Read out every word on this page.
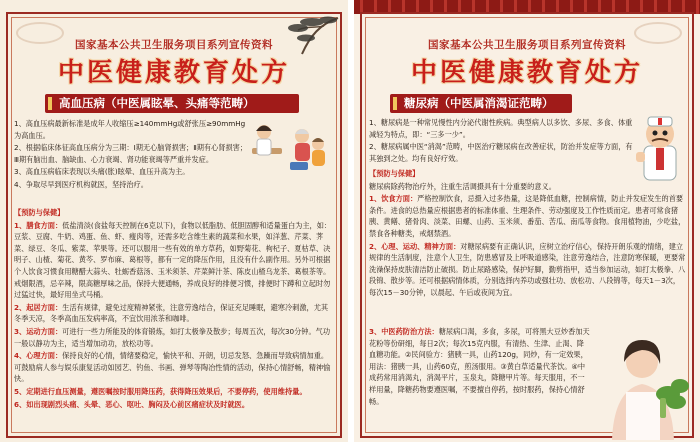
国家基本公共卫生服务项目系列宣传资料
中医健康教育处方
高血压病（中医属眩晕、头痛等范畴）

1、高血压病最新标准是成年人收缩压≥140mmHg或舒张压≥90mmHg为高血压。

2、根据临床体征高血压病分为三期：Ⅰ期无心脑肾损害；Ⅱ期有心肾损害；Ⅲ期有脑出血、脑缺血、心力衰竭、肾功能衰竭等严重并发症。

3、高血压病临床表现以头痛(胀)眩晕、血压升高为主。

4、争取尽早到医疗机构就医，坚持治疗。

【预防与保健】

1、膳食方面：低盐清淡(食盐每天控制在6克以下)，食物以低脂肪、低胆固醇和适量蛋白为主，如：豆浆、豆腐、牛奶、鸡蛋、鱼、虾、瘦肉等，还需多吃含维生素的蔬菜和水果，如洋葱、芹菜、荠菜、绿豆、冬瓜、紫菜、苹果等。还可以服用一些有效的单方草药，如野菊花、枸杞子、夏枯草、决明子、山楂、菊花、黄芩、罗布麻、葛根等，都有一定的降压作用，且没有什么副作用。另外可根据个人饮食习惯食用糖醋大蒜头、牡蛎香菇汤、玉米须茶、芹菜鲜汁茶、陈皮山楂乌龙茶、葛根茶等。戒烟限酒，忌辛辣，限高糖厚味之品，保持大便通畅，养成良好的排便习惯，排便时下蹲和立起时勿过猛过快，最好用坐式马桶。

2、起居方面：生活有规律，避免过度精神紧张，注意劳逸结合，保证充足睡眠，避寒冷刺激，尤其冬季天凉，冬季高血压发病率高，不宜饮用浓茶和咖啡。

3、运动方面：可进行一些力所能及的体育锻炼，如打太极拳及散步；每周五次，每次30分钟。气功一般以静功为主，适当增加动功，放松功等。

4、心理方面：保持良好的心情，情绪要稳定，愉快平和、开朗，切忌发怒、急躁而导致病情加重。可鼓励病人参与娱乐康复活动如园艺、钓鱼、书画、弹琴等陶冶性情的活动，保持心情舒畅，精神愉快。

5、定期进行血压测量，遵医嘱按时服用降压药，获得降压效果后，不要停药，使用维持量。

6、如出现剧烈头痛、头晕、恶心、呕吐、胸闷及心前区痛症状及时就医。

国家基本公共卫生服务项目系列宣传资料
中医健康教育处方
糖尿病（中医属消渴证范畴）

1、糖尿病是一种常见慢性内分泌代谢性疾病。典型病人以多饮、多尿、多食、体重减轻为特点，即：“三多一少”。

2、糖尿病属中医“消渴”范畴，中医治疗糖尿病在改善症状，防治并发症等方面，有其独到之处。均有良好疗效。

【预防与保健】

糖尿病除药物治疗外，注重生活调摄具有十分重要的意义。

1、饮食方面：严格控制饮食，忌摄入过多热量，这是降低血糖，控制病情，防止并发症发生的首要条件。进食的总热量应根据患者的标准体重、生理条件、劳动强度及工作性质而定。患者可常食猪胰、黄鳝、猪骨肉、淡菜、田螺、山药、玉米须、番茄、苦瓜、南瓜等食物。食用植物油，少吃盐，禁食各种糖类，戒烟禁酒。

2、心理、运动、精神方面：对糖尿病要有正确认识，应树立治疗信心，保持开朗乐观的情绪，建立规律的生活制度，注意个人卫生，防患感冒及上呼吸道感染，注意劳逸结合，注意防寒保暖，更要常洗澡保持皮肤清洁防止破损。防止尿路感染，保护好脚，勤剪指甲，适当参加运动，如打太极拳、八段锦、散步等。还可根据病情体质，分别选择内养功或强壮功、放松功、八段锦等，每天1－3次，每次15－30分钟，以晨起、午后或夜间为宜。

3、中医药防治方法：糖尿病口渴，多食，多尿，可将黑大豆炒香加天花粉等份研细，每日2次；每次15克内服，有清热、生津、止渴、降血糖功能。②民间验方：猪胰一具，山药120g，同炒，有一定效果，用法：猪胰一具，山药60克，煎汤服用。③黄白草适量代茶饮。④中成药常用消渴丸，消渴平片，玉泉丸，降糖甲片等。每天服用，不一样用量，降糖药物要遵医嘱，不要擅自停药，按时服药，保持心情舒畅。
